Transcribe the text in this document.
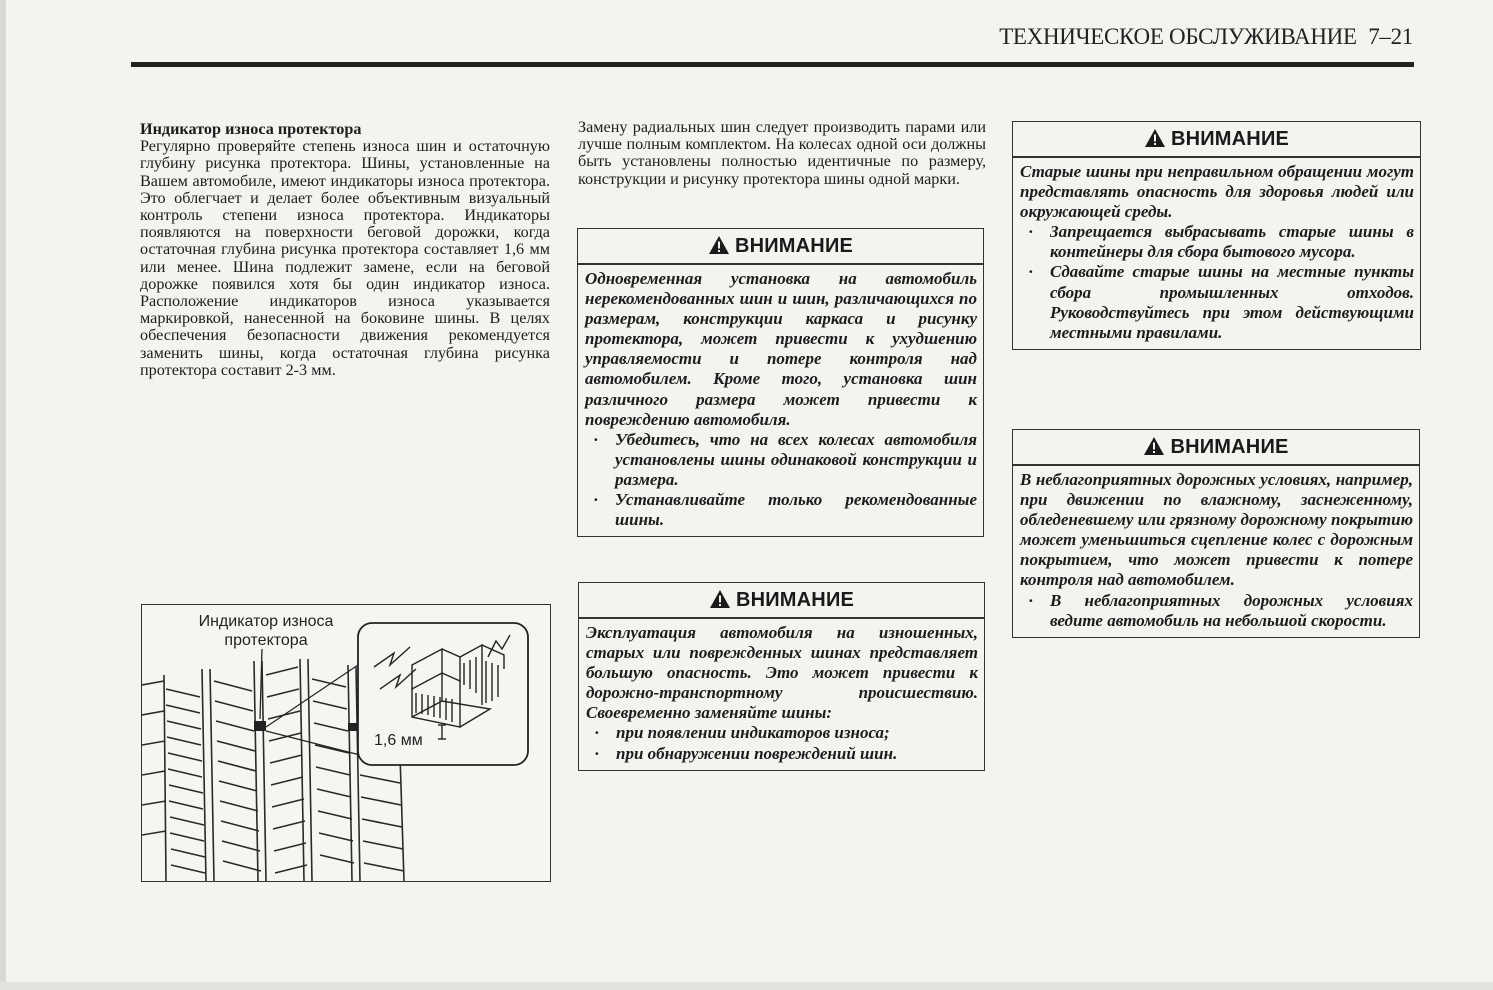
ТЕХНИЧЕСКОЕ ОБСЛУЖИВАНИЕ 7–21
Индикатор износа протектора
Регулярно проверяйте степень износа шин и остаточную глубину рисунка протектора. Шины, установленные на Вашем автомобиле, имеют индикаторы износа протектора. Это облегчает и делает более объективным визуальный контроль степени износа протектора. Индикаторы появляются на поверхности беговой дорожки, когда остаточная глубина рисунка протектора составляет 1,6 мм или менее. Шина подлежит замене, если на беговой дорожке появился хотя бы один индикатор износа. Расположение индикаторов износа указывается маркировкой, нанесенной на боковине шины. В целях обеспечения безопасности движения рекомендуется заменить шины, когда остаточная глубина рисунка протектора составит 2-3 мм.
Индикатор износа протектора
1,6 мм
Замену радиальных шин следует производить парами или лучше полным комплектом. На колесах одной оси должны быть установлены полностью идентичные по размеру, конструкции и рисунку протектора шины одной марки.
ВНИМАНИЕ
Одновременная установка на автомобиль нерекомендованных шин и шин, различающихся по размерам, конструкции каркаса и рисунку протектора, может привести к ухудшению управляемости и потере контроля над автомобилем. Кроме того, установка шин различного размера может привести к повреждению автомобиля.
· Убедитесь, что на всех колесах автомобиля установлены шины одинаковой конструкции и размера.
· Устанавливайте только рекомендованные шины.
ВНИМАНИЕ
Эксплуатация автомобиля на изношенных, старых или поврежденных шинах представляет большую опасность. Это может привести к дорожно-транспортному происшествию. Своевременно заменяйте шины:
· при появлении индикаторов износа;
· при обнаружении повреждений шин.
ВНИМАНИЕ
Старые шины при неправильном обращении могут представлять опасность для здоровья людей или окружающей среды.
· Запрещается выбрасывать старые шины в контейнеры для сбора бытового мусора.
· Сдавайте старые шины на местные пункты сбора промышленных отходов. Руководствуйтесь при этом действующими местными правилами.
ВНИМАНИЕ
В неблагоприятных дорожных условиях, например, при движении по влажному, заснеженному, обледеневшему или грязному дорожному покрытию может уменьшиться сцепление колес с дорожным покрытием, что может привести к потере контроля над автомобилем.
· В неблагоприятных дорожных условиях ведите автомобиль на небольшой скорости.
